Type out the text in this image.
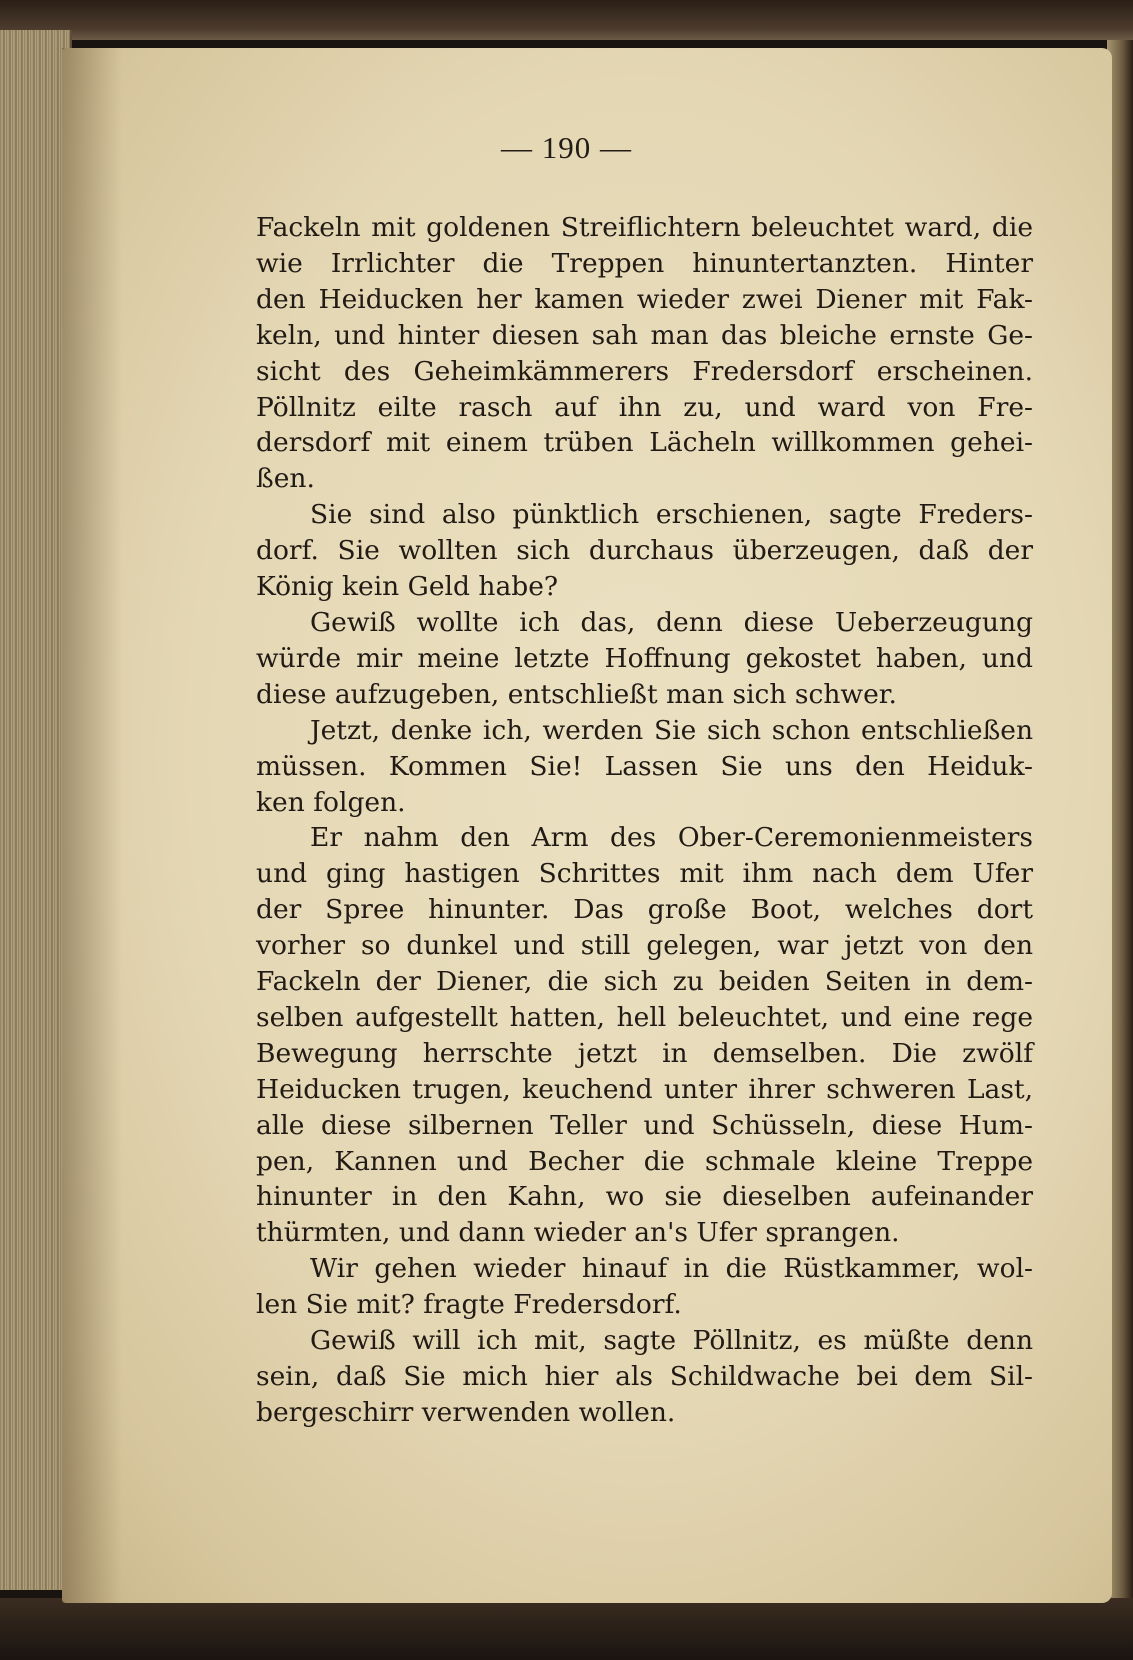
— 190 —

Fackeln mit goldenen Streiflichtern beleuchtet ward, die
wie Irrlichter die Treppen hinuntertanzten. Hinter
den Heiducken her kamen wieder zwei Diener mit Fak-
keln, und hinter diesen sah man das bleiche ernste Ge-
sicht des Geheimkämmerers Fredersdorf erscheinen.
Pöllnitz eilte rasch auf ihn zu, und ward von Fre-
dersdorf mit einem trüben Lächeln willkommen gehei-
ßen.

Sie sind also pünktlich erschienen, sagte Freders-
dorf. Sie wollten sich durchaus überzeugen, daß der
König kein Geld habe?

Gewiß wollte ich das, denn diese Ueberzeugung
würde mir meine letzte Hoffnung gekostet haben, und
diese aufzugeben, entschließt man sich schwer.

Jetzt, denke ich, werden Sie sich schon entschließen
müssen. Kommen Sie! Lassen Sie uns den Heiduk-
ken folgen.

Er nahm den Arm des Ober-Ceremonienmeisters
und ging hastigen Schrittes mit ihm nach dem Ufer
der Spree hinunter. Das große Boot, welches dort
vorher so dunkel und still gelegen, war jetzt von den
Fackeln der Diener, die sich zu beiden Seiten in dem-
selben aufgestellt hatten, hell beleuchtet, und eine rege
Bewegung herrschte jetzt in demselben. Die zwölf
Heiducken trugen, keuchend unter ihrer schweren Last,
alle diese silbernen Teller und Schüsseln, diese Hum-
pen, Kannen und Becher die schmale kleine Treppe
hinunter in den Kahn, wo sie dieselben aufeinander
thürmten, und dann wieder an's Ufer sprangen.

Wir gehen wieder hinauf in die Rüstkammer, wol-
len Sie mit? fragte Fredersdorf.

Gewiß will ich mit, sagte Pöllnitz, es müßte denn
sein, daß Sie mich hier als Schildwache bei dem Sil-
bergeschirr verwenden wollen.
